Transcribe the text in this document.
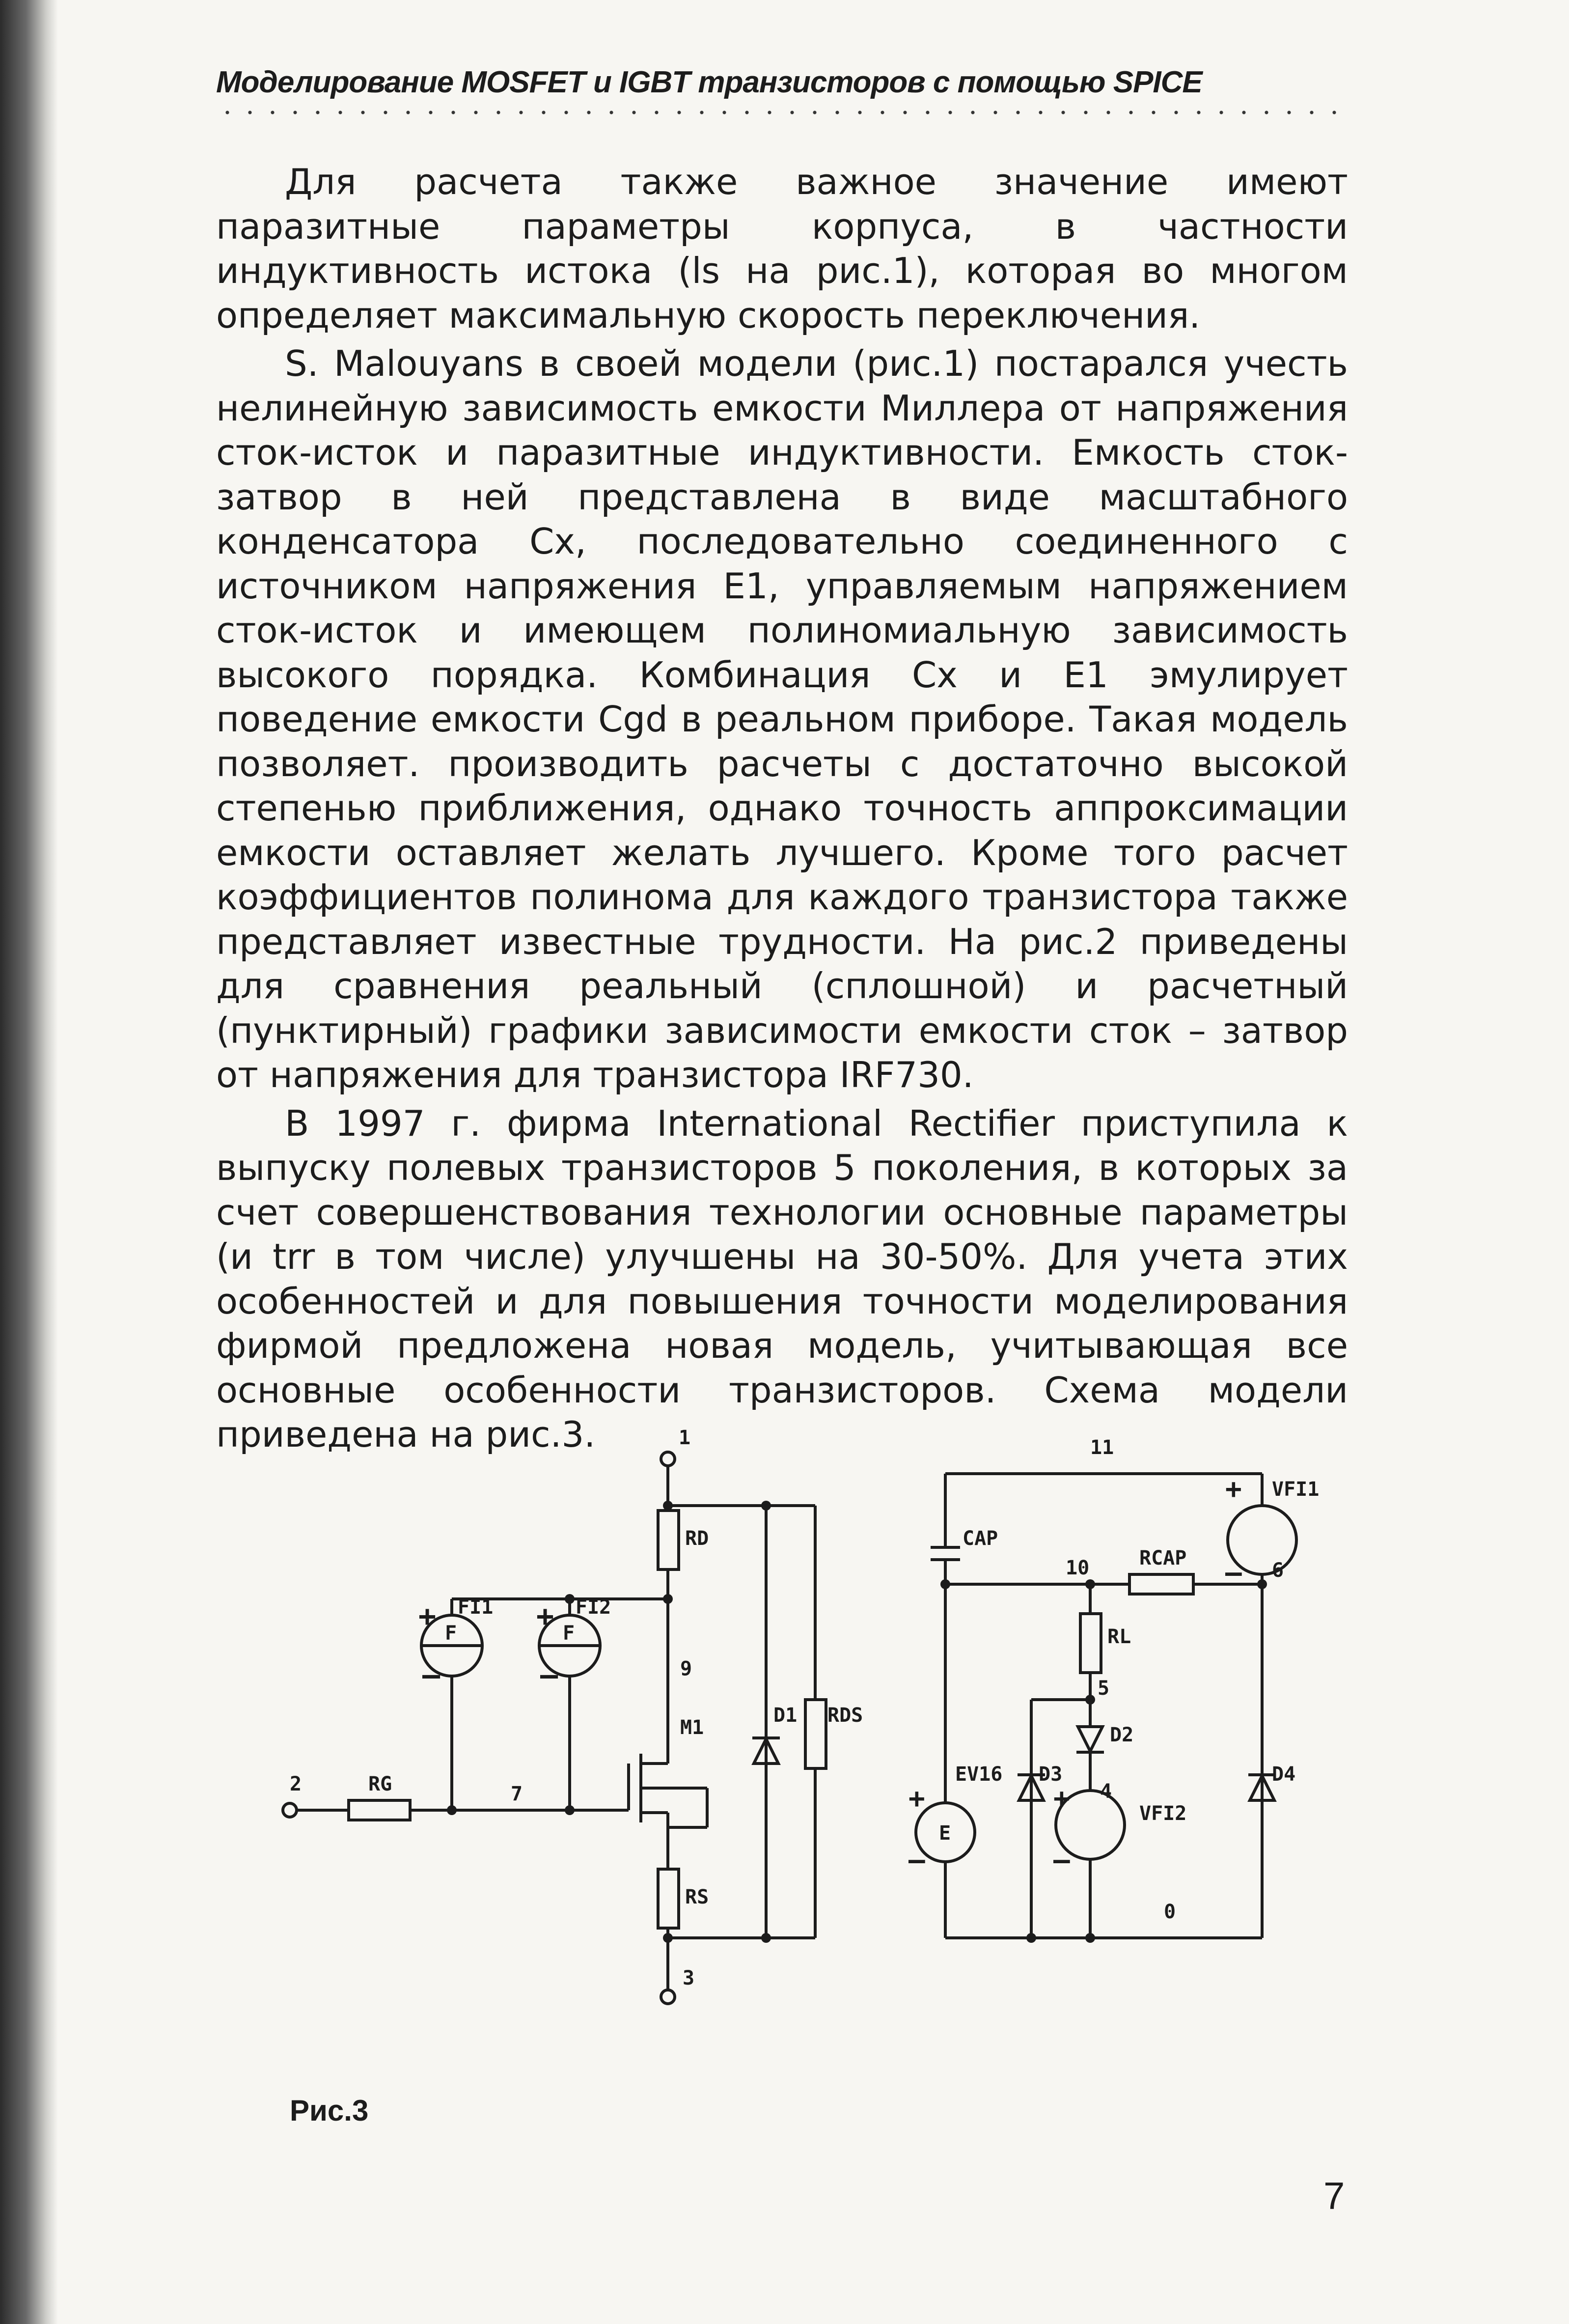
Моделирование MOSFET и IGBT транзисторов с помощью SPICE

Для расчета также важное значение имеют паразитные параметры корпуса, в частности индуктивность истока (ls на рис.1), которая во многом определяет максимальную скорость переключения.

S. Malouyans в своей модели (рис.1) постарался учесть нелинейную зависимость емкости Миллера от напряжения сток-исток и паразитные индуктивности. Емкость сток-затвор в ней представлена в виде масштабного конденсатора Cx, последовательно соединенного с источником напряжения E1, управляемым напряжением сток-исток и имеющем полиномиальную зависимость высокого порядка. Комбинация Cx и E1 эмулирует поведение емкости Cgd в реальном приборе. Такая модель позволяет. производить расчеты с достаточно высокой степенью приближения, однако точность аппроксимации емкости оставляет желать лучшего. Кроме того расчет коэффициентов полинома для каждого транзистора также представляет известные трудности. На рис.2 приведены для сравнения реальный (сплошной) и расчетный (пунктирный) графики зависимости емкости сток – затвор от напряжения для транзистора IRF730.

В 1997 г. фирма International Rectifier приступила к выпуску полевых транзисторов 5 поколения, в которых за счет совершенствования технологии основные параметры (и trr в том числе) улучшены на 30-50%. Для учета этих особенностей и для повышения точности моделирования фирмой предложена новая модель, учитывающая все основные особенности транзисторов. Схема модели приведена на рис.3.	1
RD
+ FI1 + FI2
F	F
–	–	9
M1
D1 RDS
2	RG	7
RS
3
11
VFI1
+
–
CAP
10	RCAP
6
RL
5
D2
EV16 D3	D4
+	+ 4
VFI2
E
–	–
0
Рис.3
7
